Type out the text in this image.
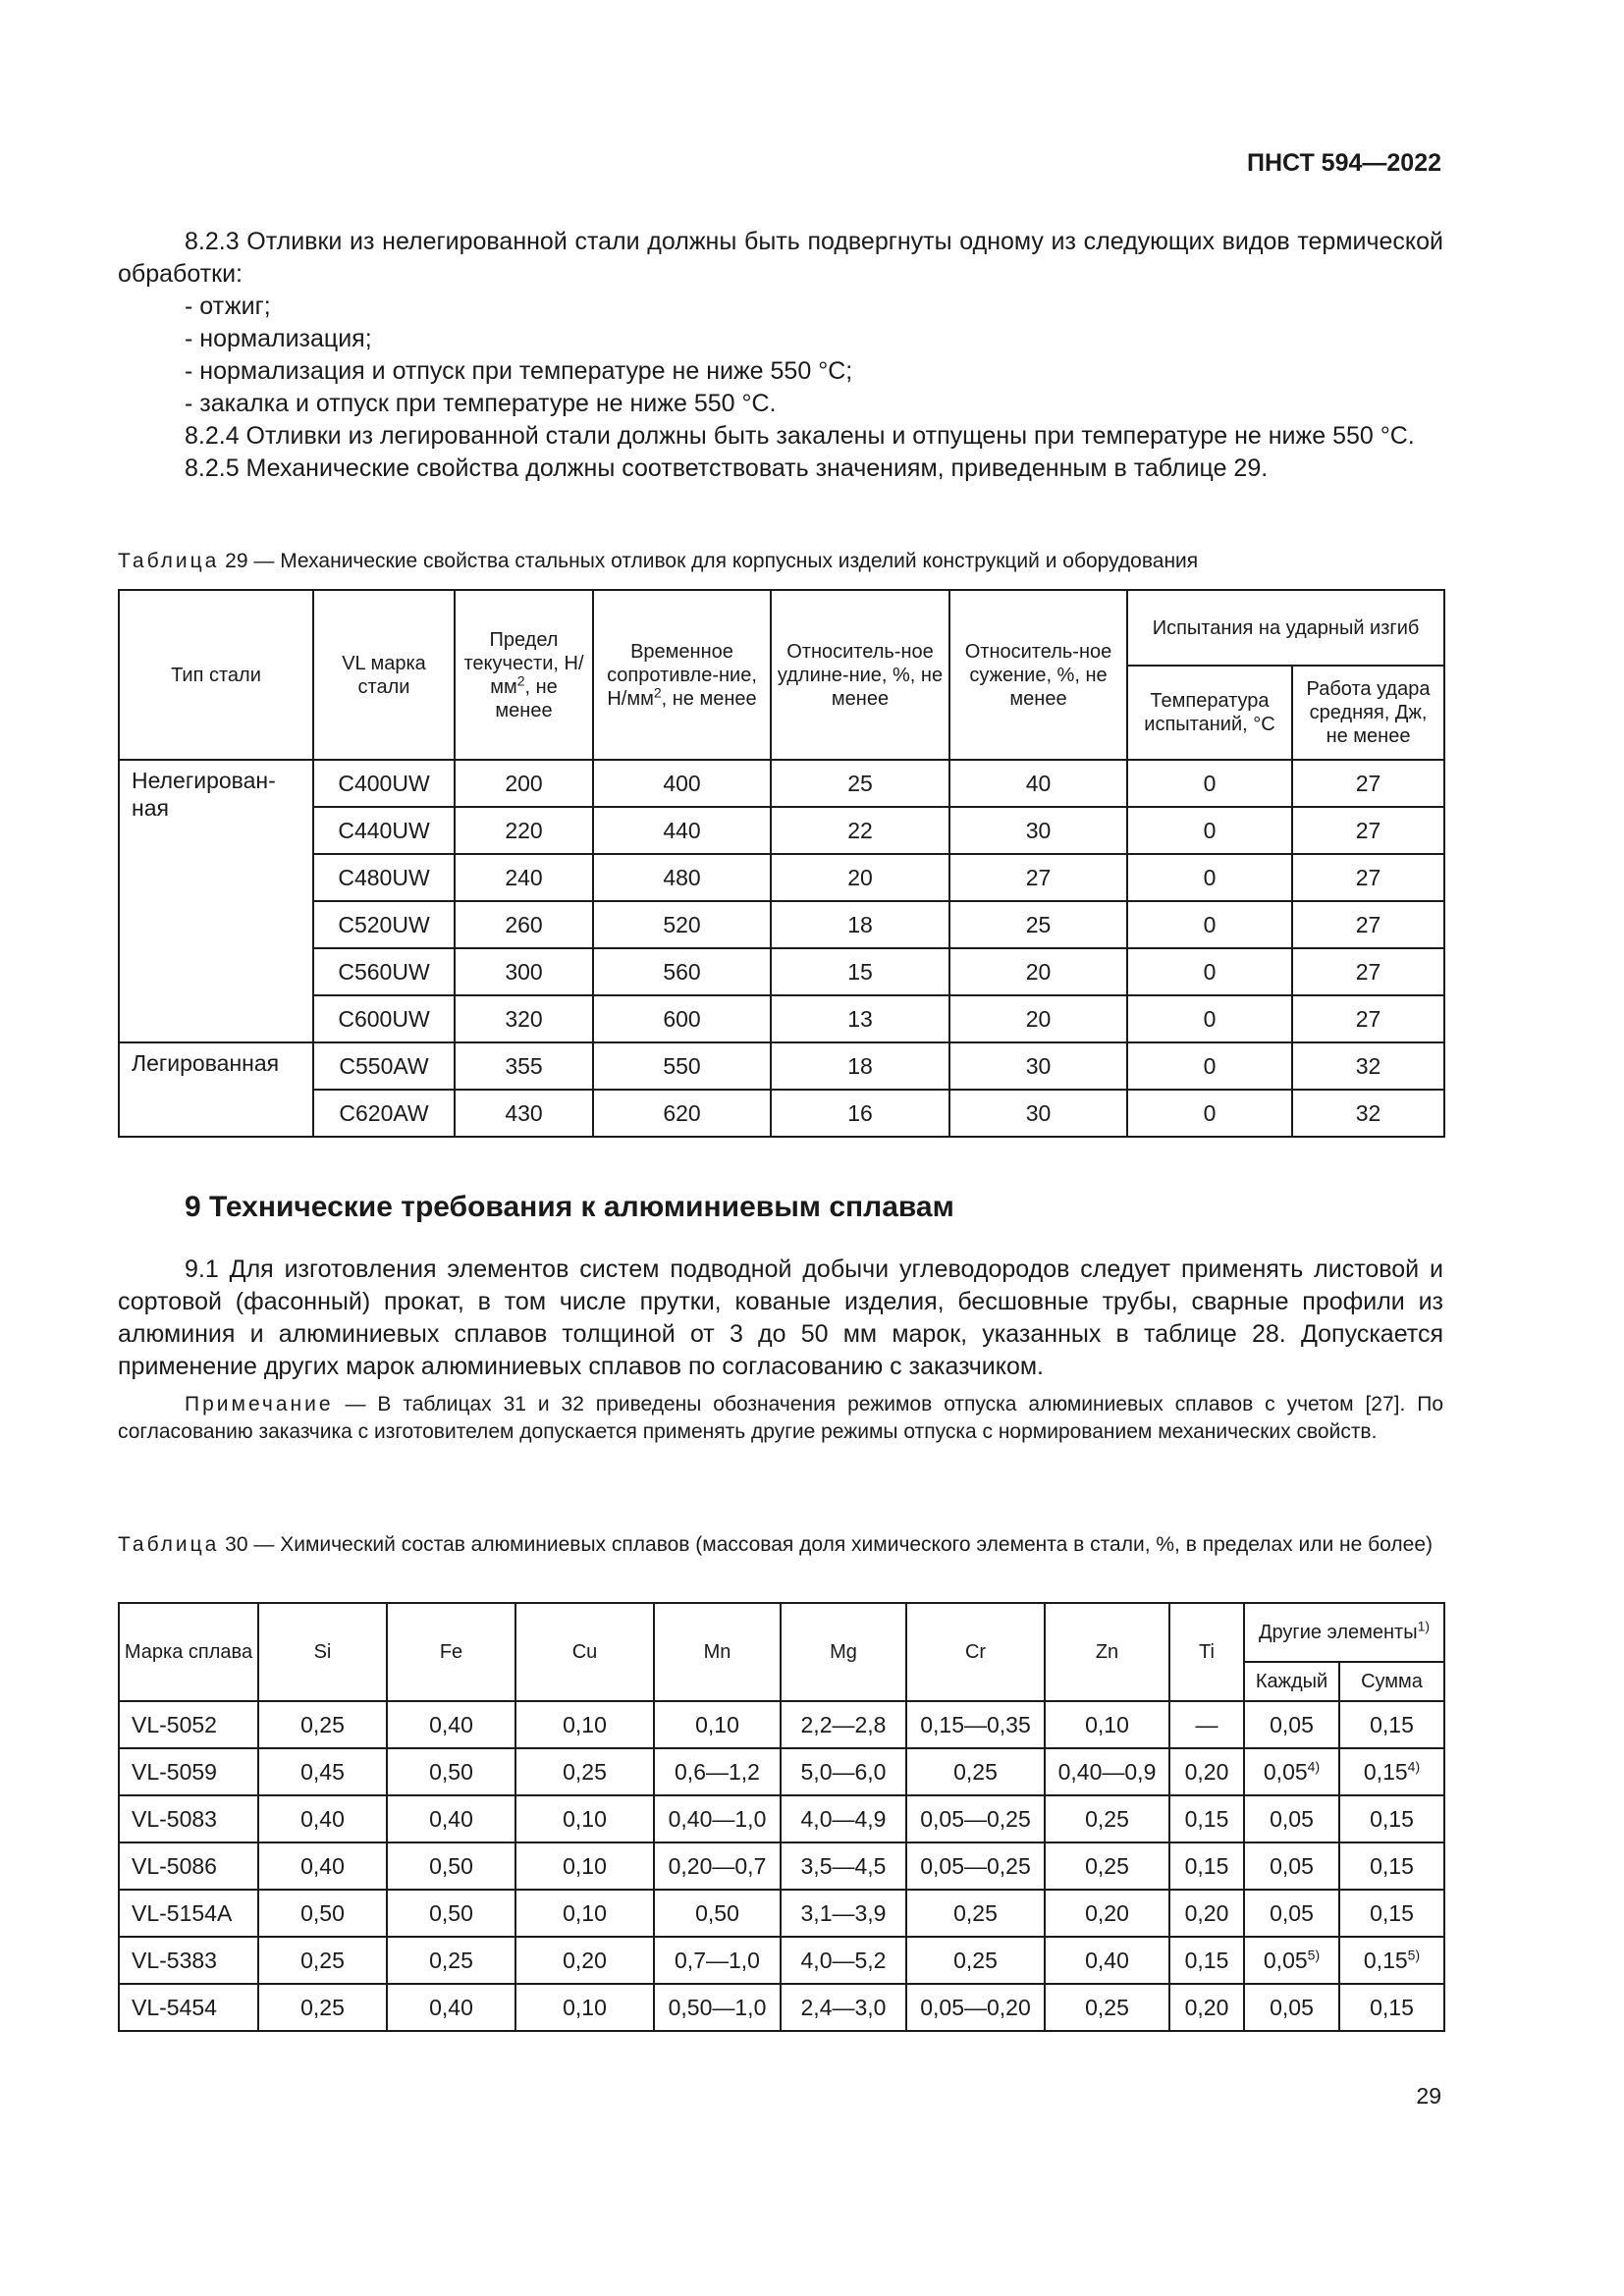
ПНСТ 594—2022

8.2.3 Отливки из нелегированной стали должны быть подвергнуты одному из следующих видов термической обработки:

- отжиг;
- нормализация;
- нормализация и отпуск при температуре не ниже 550 °С;
- закалка и отпуск при температуре не ниже 550 °С.

8.2.4 Отливки из легированной стали должны быть закалены и отпущены при температуре не ниже 550 °С.

8.2.5 Механические свойства должны соответствовать значениям, приведенным в таблице 29.

Таблица 29 — Механические свойства стальных отливок для корпусных изделий конструкций и оборудования

Тип стали	VL марка стали	Предел текучести, $Н/мм^2$, не менее	Временное сопротивле-ние, $Н/мм^2$, не менее	Относитель-ное удлине-ние, %, не менее	Относитель-ное сужение, %, не менее	Испытания на ударный изгиб	
						Температура испытаний, °С	Работа удара средняя, Дж, не менее
Нелегирован-ная	C400UW	200	400	25	40	0	27
	C440UW	220	440	22	30	0	27
	C480UW	240	480	20	27	0	27
	C520UW	260	520	18	25	0	27
	C560UW	300	560	15	20	0	27
	C600UW	320	600	13	20	0	27
Легированная	C550AW	355	550	18	30	0	32
	C620AW	430	620	16	30	0	32
9 Технические требования к алюминиевым сплавам

9.1 Для изготовления элементов систем подводной добычи углеводородов следует применять листовой и сортовой (фасонный) прокат, в том числе прутки, кованые изделия, бесшовные трубы, сварные профили из алюминия и алюминиевых сплавов толщиной от 3 до 50 мм марок, указанных в таблице 28. Допускается применение других марок алюминиевых сплавов по согласованию с заказчиком.

Примечание — В таблицах 31 и 32 приведены обозначения режимов отпуска алюминиевых сплавов с учетом [27]. По согласованию заказчика с изготовителем допускается применять другие режимы отпуска с нормированием механических свойств.

Таблица 30 — Химический состав алюминиевых сплавов (массовая доля химического элемента в стали, %, в пределах или не более)

Марка сплава	Si	Fe	Cu	Mn	Mg	Cr	Zn	Ti	Другие элементы$^{1)}$
									Каждый	Сумма
VL-5052	0,25	0,40	0,10	0,10	2,2—2,8	0,15—0,35	0,10	—	0,05	0,15
VL-5059	0,45	0,50	0,25	0,6—1,2	5,0—6,0	0,25	0,40—0,9	0,20	0,05$^{4)}$	0,15$^{4)}$
VL-5083	0,40	0,40	0,10	0,40—1,0	4,0—4,9	0,05—0,25	0,25	0,15	0,05	0,15
VL-5086	0,40	0,50	0,10	0,20—0,7	3,5—4,5	0,05—0,25	0,25	0,15	0,05	0,15
VL-5154A	0,50	0,50	0,10	0,50	3,1—3,9	0,25	0,20	0,20	0,05	0,15
VL-5383	0,25	0,25	0,20	0,7—1,0	4,0—5,2	0,25	0,40	0,15	0,05$^{5)}$	0,15$^{5)}$
VL-5454	0,25	0,40	0,10	0,50—1,0	2,4—3,0	0,05—0,20	0,25	0,20	0,05	0,15
29
